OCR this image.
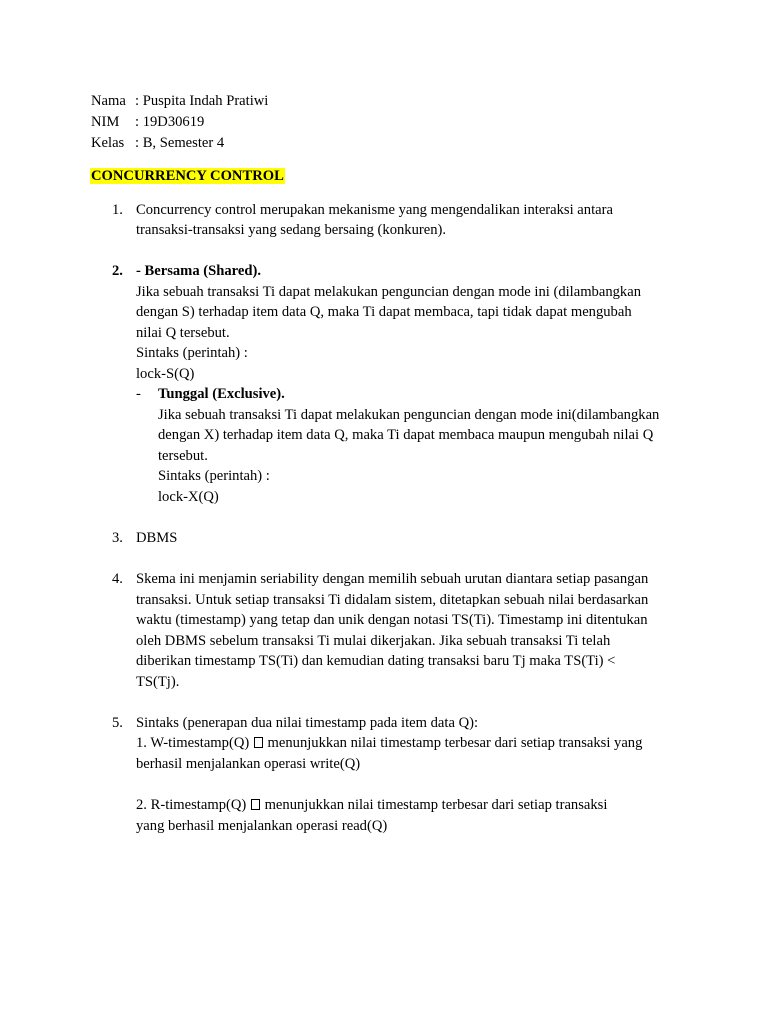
Nama : Puspita Indah Pratiwi
NIM : 19D30619
Kelas : B, Semester 4
CONCURRENCY CONTROL
1. Concurrency control merupakan mekanisme yang mengendalikan interaksi antara
transaksi-transaksi yang sedang bersaing (konkuren).
2. - Bersama (Shared).
Jika sebuah transaksi Ti dapat melakukan penguncian dengan mode ini (dilambangkan
dengan S) terhadap item data Q, maka Ti dapat membaca, tapi tidak dapat mengubah
nilai Q tersebut.
Sintaks (perintah) :
lock-S(Q)
- Tunggal (Exclusive).
Jika sebuah transaksi Ti dapat melakukan penguncian dengan mode ini(dilambangkan
dengan X) terhadap item data Q, maka Ti dapat membaca maupun mengubah nilai Q
tersebut.
Sintaks (perintah) :
lock-X(Q)
3. DBMS
4. Skema ini menjamin seriability dengan memilih sebuah urutan diantara setiap pasangan
transaksi. Untuk setiap transaksi Ti didalam sistem, ditetapkan sebuah nilai berdasarkan
waktu (timestamp) yang tetap dan unik dengan notasi TS(Ti). Timestamp ini ditentukan
oleh DBMS sebelum transaksi Ti mulai dikerjakan. Jika sebuah transaksi Ti telah
diberikan timestamp TS(Ti) dan kemudian dating transaksi baru Tj maka TS(Ti) <
TS(Tj).
5. Sintaks (penerapan dua nilai timestamp pada item data Q):
1. W-timestamp(Q) menunjukkan nilai timestamp terbesar dari setiap transaksi yang
berhasil menjalankan operasi write(Q)
2. R-timestamp(Q) menunjukkan nilai timestamp terbesar dari setiap transaksi
yang berhasil menjalankan operasi read(Q)
